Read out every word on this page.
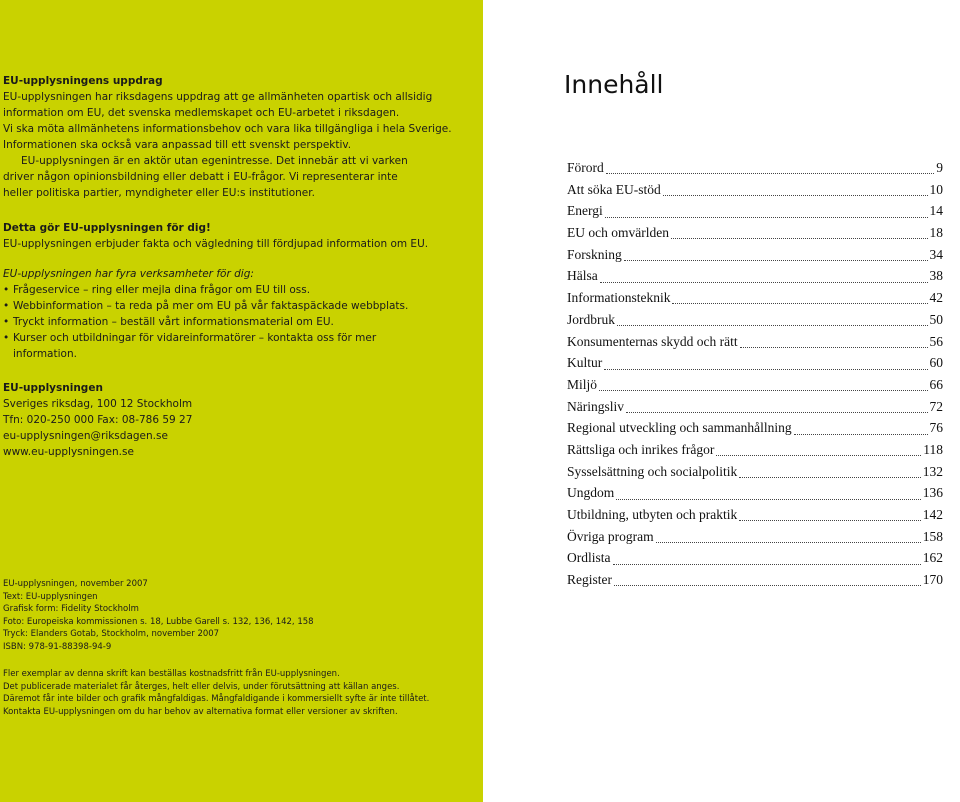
EU-upplysningens uppdrag

EU-upplysningen har riksdagens uppdrag att ge allmänheten opartisk och allsidig

information om EU, det svenska medlemskapet och EU-arbetet i riksdagen.

Vi ska möta allmänhetens informationsbehov och vara lika tillgängliga i hela Sverige.

Informationen ska också vara anpassad till ett svenskt perspektiv.

EU-upplysningen är en aktör utan egenintresse. Det innebär att vi varken

driver någon opinionsbildning eller debatt i EU-frågor. Vi representerar inte

heller politiska partier, myndigheter eller EU:s institutioner.

Detta gör EU-upplysningen för dig!

EU-upplysningen erbjuder fakta och vägledning till fördjupad information om EU.

EU-upplysningen har fyra verksamheter för dig:

• Frågeservice – ring eller mejla dina frågor om EU till oss.
• Webbinformation – ta reda på mer om EU på vår faktaspäckade webbplats.
• Tryckt information – beställ vårt informationsmaterial om EU.
• Kurser och utbildningar för vidareinformatörer – kontakta oss för mer
information.

EU-upplysningen

Sveriges riksdag, 100 12 Stockholm

Tfn: 020-250 000 Fax: 08-786 59 27

eu-upplysningen@riksdagen.se

www.eu-upplysningen.se

EU-upplysningen, november 2007

Text: EU-upplysningen

Grafisk form: Fidelity Stockholm

Foto: Europeiska kommissionen s. 18, Lubbe Garell s. 132, 136, 142, 158

Tryck: Elanders Gotab, Stockholm, november 2007

ISBN: 978-91-88398-94-9

Fler exemplar av denna skrift kan beställas kostnadsfritt från EU-upplysningen.

Det publicerade materialet får återges, helt eller delvis, under förutsättning att källan anges.

Däremot får inte bilder och grafik mångfaldigas. Mångfaldigande i kommersiellt syfte är inte tillåtet.

Kontakta EU-upplysningen om du har behov av alternativa format eller versioner av skriften.

Innehåll
Förord	9
Att söka EU-stöd	10
Energi	14
EU och omvärlden	18
Forskning	34
Hälsa	38
Informationsteknik	42
Jordbruk	50
Konsumenternas skydd och rätt	56
Kultur	60
Miljö	66
Näringsliv	72
Regional utveckling och sammanhållning	76
Rättsliga och inrikes frågor	118
Sysselsättning och socialpolitik	132
Ungdom	136
Utbildning, utbyten och praktik	142
Övriga program	158
Ordlista	162
Register	170
